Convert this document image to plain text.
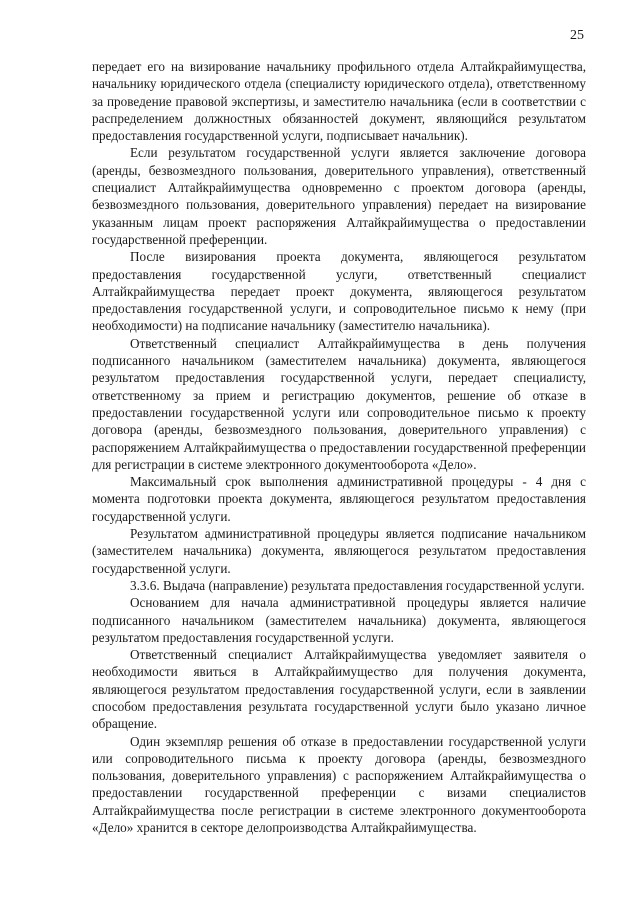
25

передает его на визирование начальнику профильного отдела Алтайкрайимущества, начальнику юридического отдела (специалисту юридического отдела), ответственному за проведение правовой экспертизы, и заместителю начальника (если в соответствии с распределением должностных обязанностей документ, являющийся результатом предоставления государственной услуги, подписывает начальник).

Если результатом государственной услуги является заключение договора (аренды, безвозмездного пользования, доверительного управления), ответственный специалист Алтайкрайимущества одновременно с проектом договора (аренды, безвозмездного пользования, доверительного управления) передает на визирование указанным лицам проект распоряжения Алтайкрайимущества о предоставлении государственной преференции.

После визирования проекта документа, являющегося результатом предоставления государственной услуги, ответственный специалист Алтайкрайимущества передает проект документа, являющегося результатом предоставления государственной услуги, и сопроводительное письмо к нему (при необходимости) на подписание начальнику (заместителю начальника).

Ответственный специалист Алтайкрайимущества в день получения подписанного начальником (заместителем начальника) документа, являющегося результатом предоставления государственной услуги, передает специалисту, ответственному за прием и регистрацию документов, решение об отказе в предоставлении государственной услуги или сопроводительное письмо к проекту договора (аренды, безвозмездного пользования, доверительного управления) с распоряжением Алтайкрайимущества о предоставлении государственной преференции для регистрации в системе электронного документооборота «Дело».

Максимальный срок выполнения административной процедуры - 4 дня с момента подготовки проекта документа, являющегося результатом предоставления государственной услуги.

Результатом административной процедуры является подписание начальником (заместителем начальника) документа, являющегося результатом предоставления государственной услуги.

3.3.6. Выдача (направление) результата предоставления государственной услуги.

Основанием для начала административной процедуры является наличие подписанного начальником (заместителем начальника) документа, являющегося результатом предоставления государственной услуги.

Ответственный специалист Алтайкрайимущества уведомляет заявителя о необходимости явиться в Алтайкрайимущество для получения документа, являющегося результатом предоставления государственной услуги, если в заявлении способом предоставления результата государственной услуги было указано личное обращение.

Один экземпляр решения об отказе в предоставлении государственной услуги или сопроводительного письма к проекту договора (аренды, безвозмездного пользования, доверительного управления) с распоряжением Алтайкрайимущества о предоставлении государственной преференции с визами специалистов Алтайкрайимущества после регистрации в системе электронного документооборота «Дело» хранится в секторе делопроизводства Алтайкрайимущества.
